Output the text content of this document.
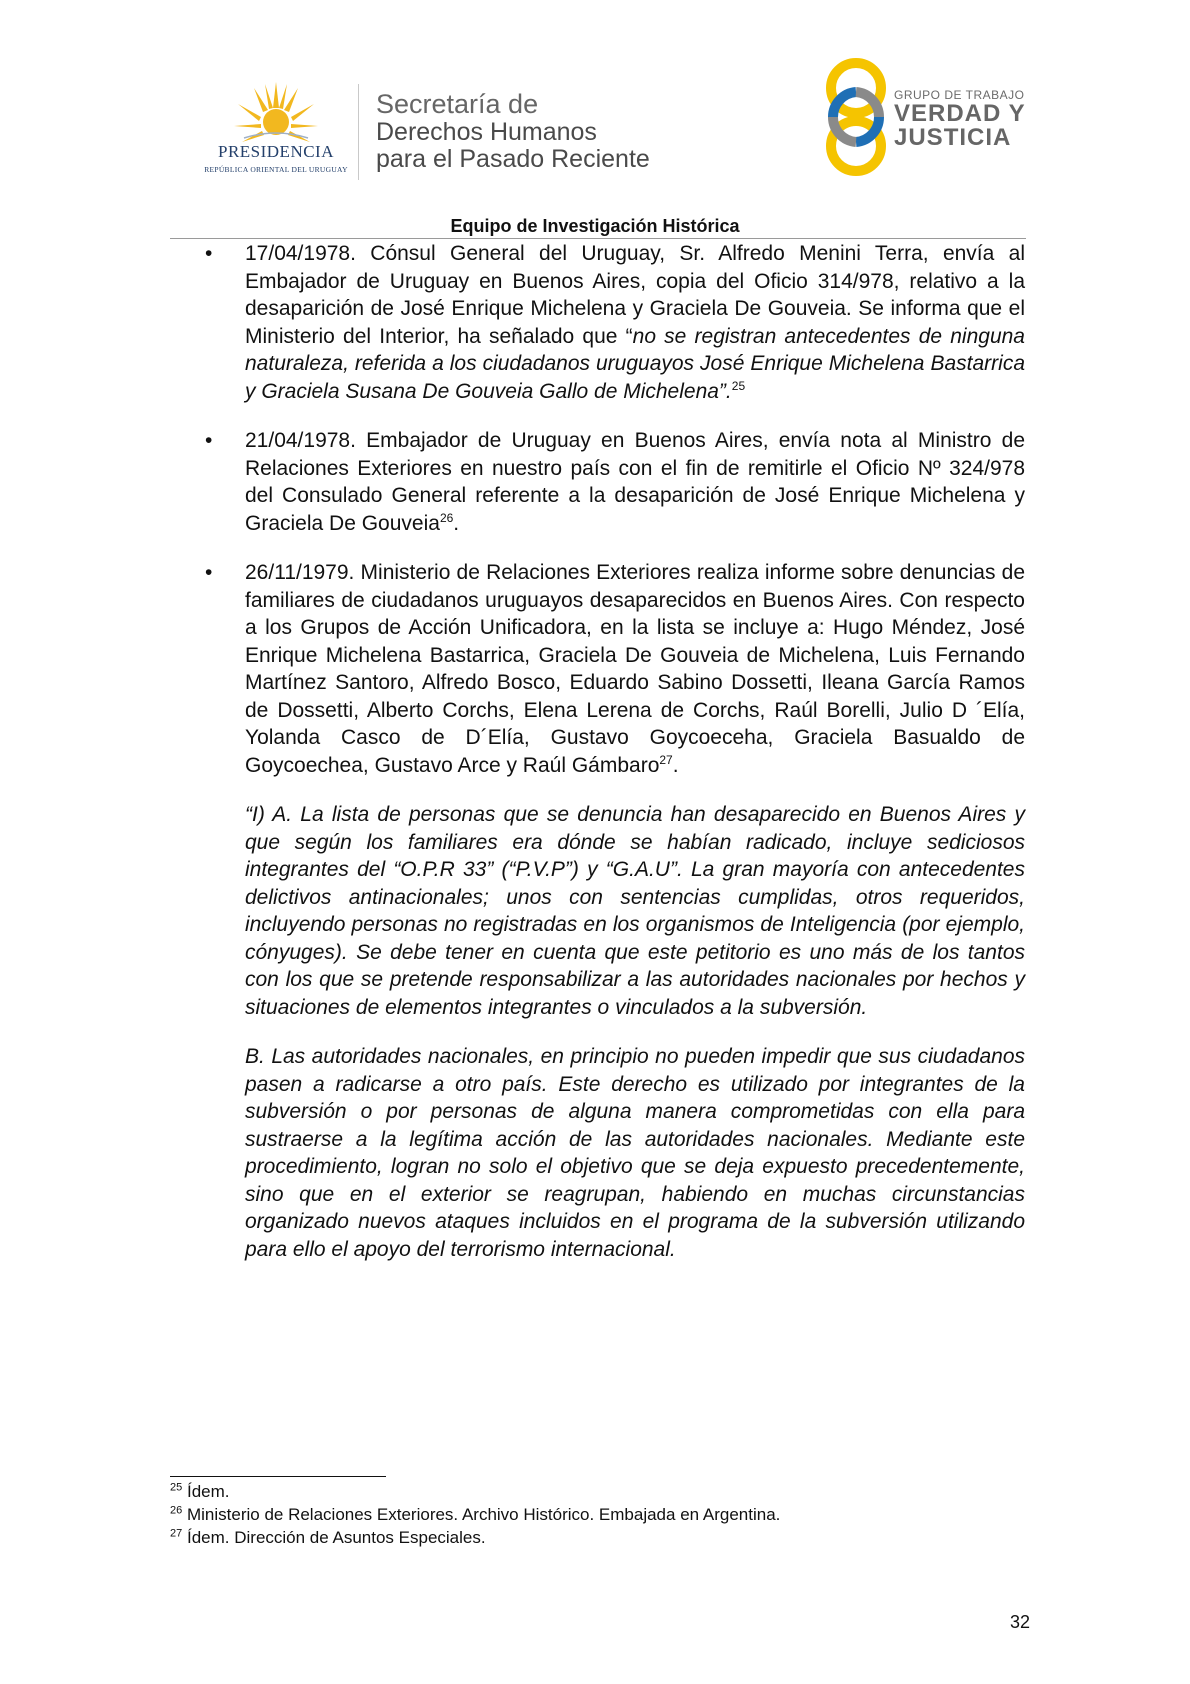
PRESIDENCIA
REPÚBLICA ORIENTAL DEL URUGUAY
Secretaría de
Derechos Humanos
para el Pasado Reciente
GRUPO DE TRABAJO
VERDAD Y
JUSTICIA
Equipo de Investigación Histórica
• 17/04/1978. Cónsul General del Uruguay, Sr. Alfredo Menini Terra, envía al Embajador de Uruguay en Buenos Aires, copia del Oficio 314/978, relativo a la desaparición de José Enrique Michelena y Graciela De Gouveia. Se informa que el Ministerio del Interior, ha señalado que “no se registran antecedentes de ninguna naturaleza, referida a los ciudadanos uruguayos José Enrique Michelena Bastarrica y Graciela Susana De Gouveia Gallo de Michelena”.$^{25}$

• 21/04/1978. Embajador de Uruguay en Buenos Aires, envía nota al Ministro de Relaciones Exteriores en nuestro país con el fin de remitirle el Oficio Nº 324/978 del Consulado General referente a la desaparición de José Enrique Michelena y Graciela De Gouveia$^{26}$.

• 26/11/1979. Ministerio de Relaciones Exteriores realiza informe sobre denuncias de familiares de ciudadanos uruguayos desaparecidos en Buenos Aires. Con respecto a los Grupos de Acción Unificadora, en la lista se incluye a: Hugo Méndez, José Enrique Michelena Bastarrica, Graciela De Gouveia de Michelena, Luis Fernando Martínez Santoro, Alfredo Bosco, Eduardo Sabino Dossetti, Ileana García Ramos de Dossetti, Alberto Corchs, Elena Lerena de Corchs, Raúl Borelli, Julio D ´Elía, Yolanda Casco de D´Elía, Gustavo Goycoeceha, Graciela Basualdo de Goycoechea, Gustavo Arce y Raúl Gámbaro$^{27}$.

“I) A. La lista de personas que se denuncia han desaparecido en Buenos Aires y que según los familiares era dónde se habían radicado, incluye sediciosos integrantes del “O.P.R 33” (“P.V.P”) y “G.A.U”. La gran mayoría con antecedentes delictivos antinacionales; unos con sentencias cumplidas, otros requeridos, incluyendo personas no registradas en los organismos de Inteligencia (por ejemplo, cónyuges). Se debe tener en cuenta que este petitorio es uno más de los tantos con los que se pretende responsabilizar a las autoridades nacionales por hechos y situaciones de elementos integrantes o vinculados a la subversión.

B. Las autoridades nacionales, en principio no pueden impedir que sus ciudadanos pasen a radicarse a otro país. Este derecho es utilizado por integrantes de la subversión o por personas de alguna manera comprometidas con ella para sustraerse a la legítima acción de las autoridades nacionales. Mediante este procedimiento, logran no solo el objetivo que se deja expuesto precedentemente, sino que en el exterior se reagrupan, habiendo en muchas circunstancias organizado nuevos ataques incluidos en el programa de la subversión utilizando para ello el apoyo del terrorismo internacional.

$^{25}$ Ídem.
$^{26}$ Ministerio de Relaciones Exteriores. Archivo Histórico. Embajada en Argentina.
$^{27}$ Ídem. Dirección de Asuntos Especiales.
32
